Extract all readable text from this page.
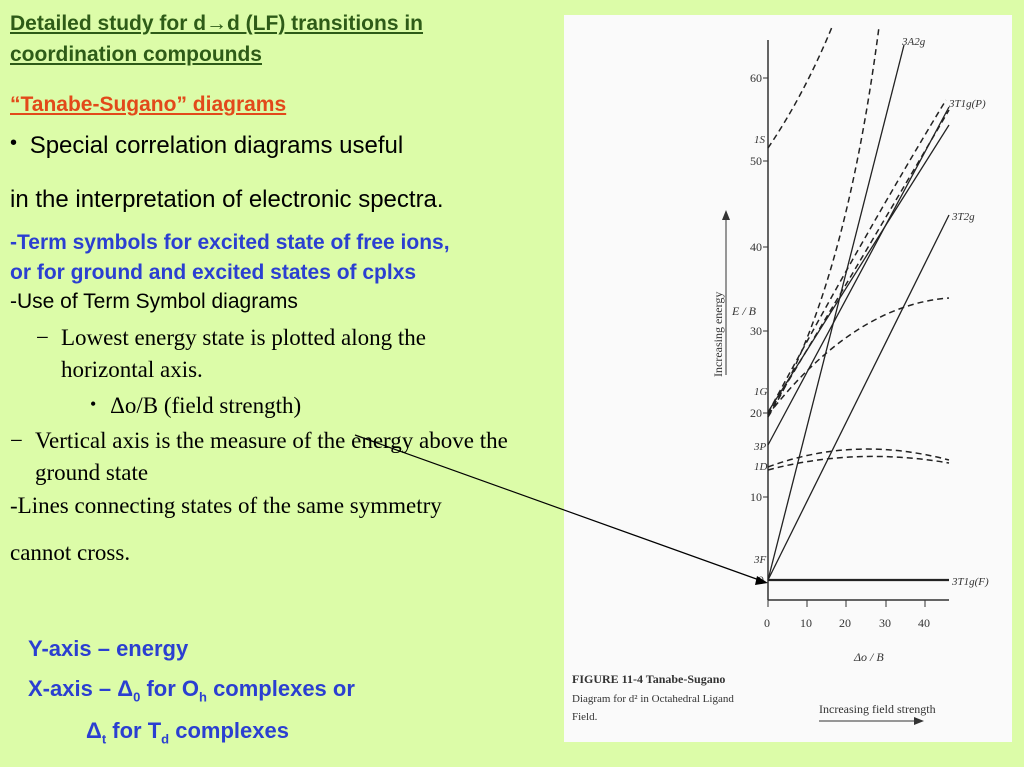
Detailed study for d→d (LF) transitions in
coordination compounds
“Tanabe-Sugano” diagrams
• Special correlation diagrams useful
in the interpretation of electronic spectra.
-Term symbols for excited state of free ions,
or for ground and excited states of cplxs
-Use of Term Symbol diagrams
− Lowest energy state is plotted along the
horizontal axis.
• Δo/B (field strength)
− Vertical axis is the measure of the energy above the
ground state
-Lines connecting states of the same symmetry
cannot cross.
Y-axis – energy
X-axis – $\Delta_0$ for $O_h$ complexes or
$\Delta_t$ for $T_d$ complexes
60
50
40
30
20
10
0	10 20 30 40
Increasing energy E / B
1S
1G
3P
1D
3F
3A2g
3T1g(P)
3T2g
3T1g(F)
Δo / B
Increasing field strength
FIGURE 11-4 Tanabe-Sugano
Diagram for d² in Octahedral Ligand
Field.
